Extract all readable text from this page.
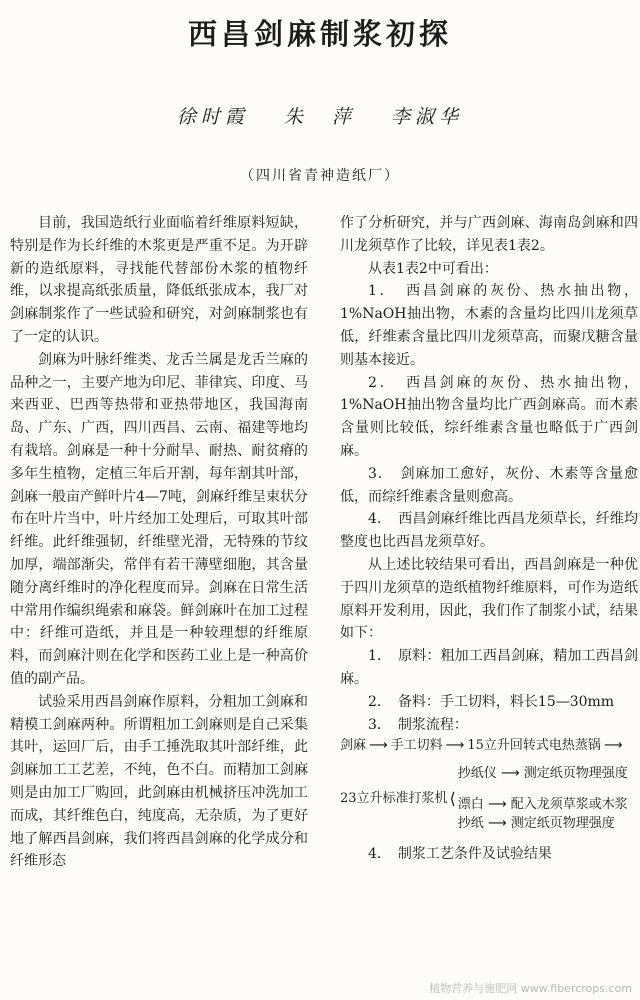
西昌剑麻制浆初探
徐时霞 朱　萍 李淑华
（四川省青神造纸厂）

目前，我国造纸行业面临着纤维原料短缺，特别是作为长纤维的木浆更是严重不足。为开辟新的造纸原料，寻找能代替部份木浆的植物纤维，以求提高纸张质量，降低纸张成本，我厂对剑麻制浆作了一些试验和研究，对剑麻制浆也有了一定的认识。

剑麻为叶脉纤维类、龙舌兰属是龙舌兰麻的品种之一，主要产地为印尼、菲律宾、印度、马来西亚、巴西等热带和亚热带地区，我国海南岛、广东、广西，四川西昌、云南、福建等地均有栽培。剑麻是一种十分耐旱、耐热、耐贫瘠的多年生植物，定植三年后开割，每年割其叶部，剑麻一般亩产鲜叶片4—7吨，剑麻纤维呈束状分布在叶片当中，叶片经加工处理后，可取其叶部纤维。此纤维强韧，纤维壁光滑，无特殊的节纹加厚，端部渐尖，常伴有若干薄壁细胞，其含量随分离纤维时的净化程度而异。剑麻在日常生活中常用作编织绳索和麻袋。鲜剑麻叶在加工过程中：纤维可造纸，并且是一种较理想的纤维原料，而剑麻汁则在化学和医药工业上是一种高价值的副产品。

试验采用西昌剑麻作原料，分粗加工剑麻和精模工剑麻两种。所谓粗加工剑麻则是自己采集其叶，运回厂后，由手工捶洗取其叶部纤维，此剑麻加工工艺差，不纯，色不白。而精加工剑麻则是由加工厂购回，此剑麻由机械挤压冲洗加工而成，其纤维色白，纯度高，无杂质，为了更好地了解西昌剑麻，我们将西昌剑麻的化学成分和纤维形态

作了分析研究，并与广西剑麻、海南岛剑麻和四川龙须草作了比较，详见表1表2。

从表1表2中可看出：

1．　西昌剑麻的灰份、热水抽出物，1%NaOH抽出物，木素的含量均比四川龙须草低，纤维素含量比四川龙须草高，而聚戊糖含量则基本接近。

2．　西昌剑麻的灰份、热水抽出物，1%NaOH抽出物含量均比广西剑麻高。而木素含量则比较低，综纤维素含量也略低于广西剑麻。

3．　剑麻加工愈好，灰份、木素等含量愈低，而综纤维素含量则愈高。

4．　西昌剑麻纤维比西昌龙须草长，纤维均整度也比西昌龙须草好。

从上述比较结果可看出，西昌剑麻是一种优于四川龙须草的造纸植物纤维原料，可作为造纸原料开发利用，因此，我们作了制浆小试，结果如下：

1．　原料：粗加工西昌剑麻，精加工西昌剑麻。

2．　备料：手工切料，料长15—30mm

3．　制浆流程：

剑麻 ⟶ 手工切料 ⟶ 15立升回转式电热蒸锅 ⟶
23立升标准打浆机 ⟨
抄纸仪 ⟶ 测定纸页物理强度
漂白 ⟶ 配入龙须草浆或木浆抄纸 ⟶ 测定纸页物理强度

4．　制浆工艺条件及试验结果

植物营养与施肥网 www.fibercrops.com
